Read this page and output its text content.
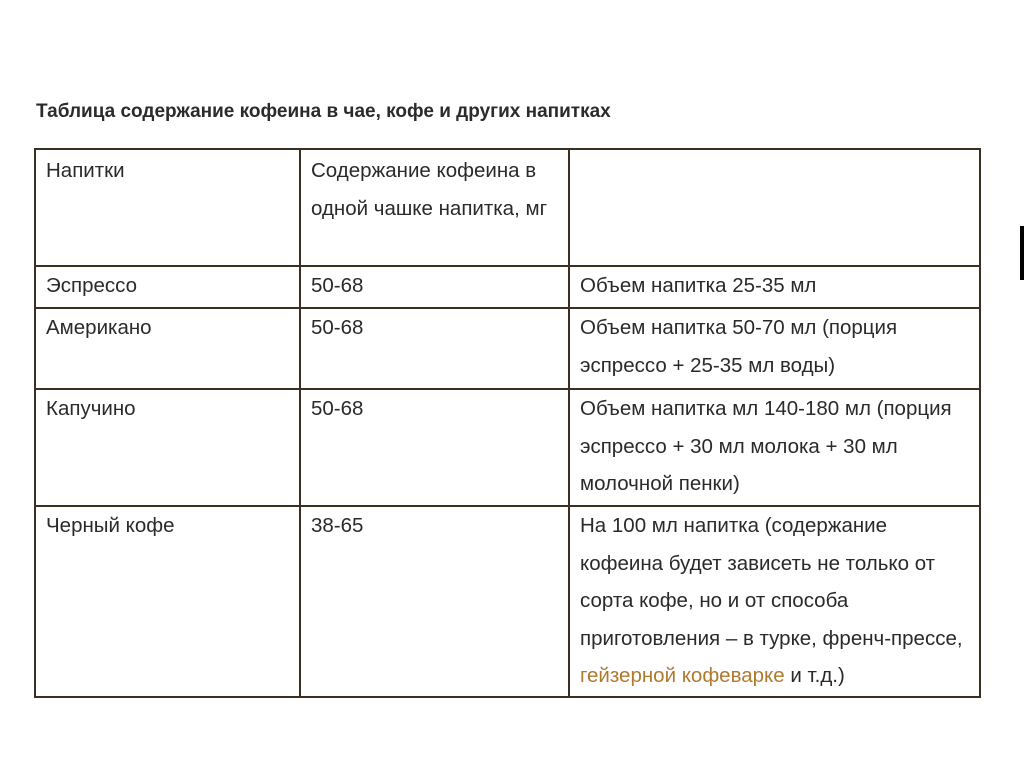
Таблица содержание кофеина в чае, кофе и других напитках
Напитки	Содержание кофеина в одной чашке напитка, мг	

Эспрессо	50-68	Объем напитка 25-35 мл
Американо	50-68	Объем напитка 50-70 мл (порция эспрессо + 25-35 мл воды)
Капучино	50-68	Объем напитка мл 140-180 мл (порция эспрессо + 30 мл молока + 30 мл молочной пенки)
Черный кофе	38-65	На 100 мл напитка (содержание кофеина будет зависеть не только от сорта кофе, но и от способа приготовления – в турке, френч-прессе, гейзерной кофеварке и т.д.)
